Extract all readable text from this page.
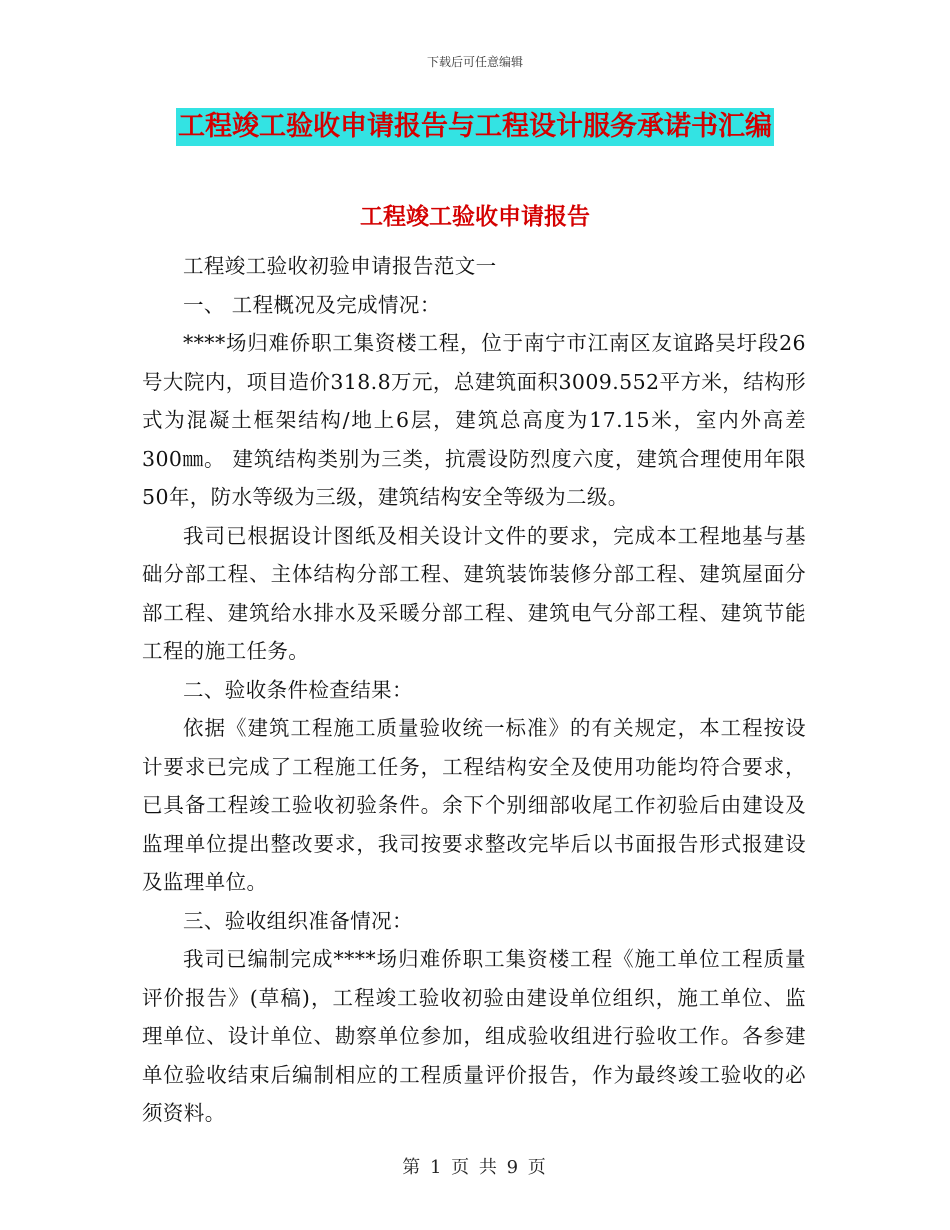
下载后可任意编辑
工程竣工验收申请报告与工程设计服务承诺书汇编
工程竣工验收申请报告

工程竣工验收初验申请报告范文一

一、 工程概况及完成情况：

****场归难侨职工集资楼工程，位于南宁市江南区友谊路吴圩段26号大院内，项目造价318.8万元，总建筑面积3009.552平方米，结构形式为混凝土框架结构/地上6层，建筑总高度为17.15米，室内外高差300㎜。 建筑结构类别为三类，抗震设防烈度六度，建筑合理使用年限50年，防水等级为三级，建筑结构安全等级为二级。

我司已根据设计图纸及相关设计文件的要求，完成本工程地基与基础分部工程、主体结构分部工程、建筑装饰装修分部工程、建筑屋面分部工程、建筑给水排水及采暖分部工程、建筑电气分部工程、建筑节能工程的施工任务。

二、验收条件检查结果：

依据《建筑工程施工质量验收统一标准》的有关规定，本工程按设计要求已完成了工程施工任务，工程结构安全及使用功能均符合要求，已具备工程竣工验收初验条件。余下个别细部收尾工作初验后由建设及监理单位提出整改要求，我司按要求整改完毕后以书面报告形式报建设及监理单位。

三、验收组织准备情况：

我司已编制完成****场归难侨职工集资楼工程《施工单位工程质量评价报告》(草稿)，工程竣工验收初验由建设单位组织，施工单位、监理单位、设计单位、勘察单位参加，组成验收组进行验收工作。各参建单位验收结束后编制相应的工程质量评价报告，作为最终竣工验收的必须资料。

第 1 页 共 9 页
